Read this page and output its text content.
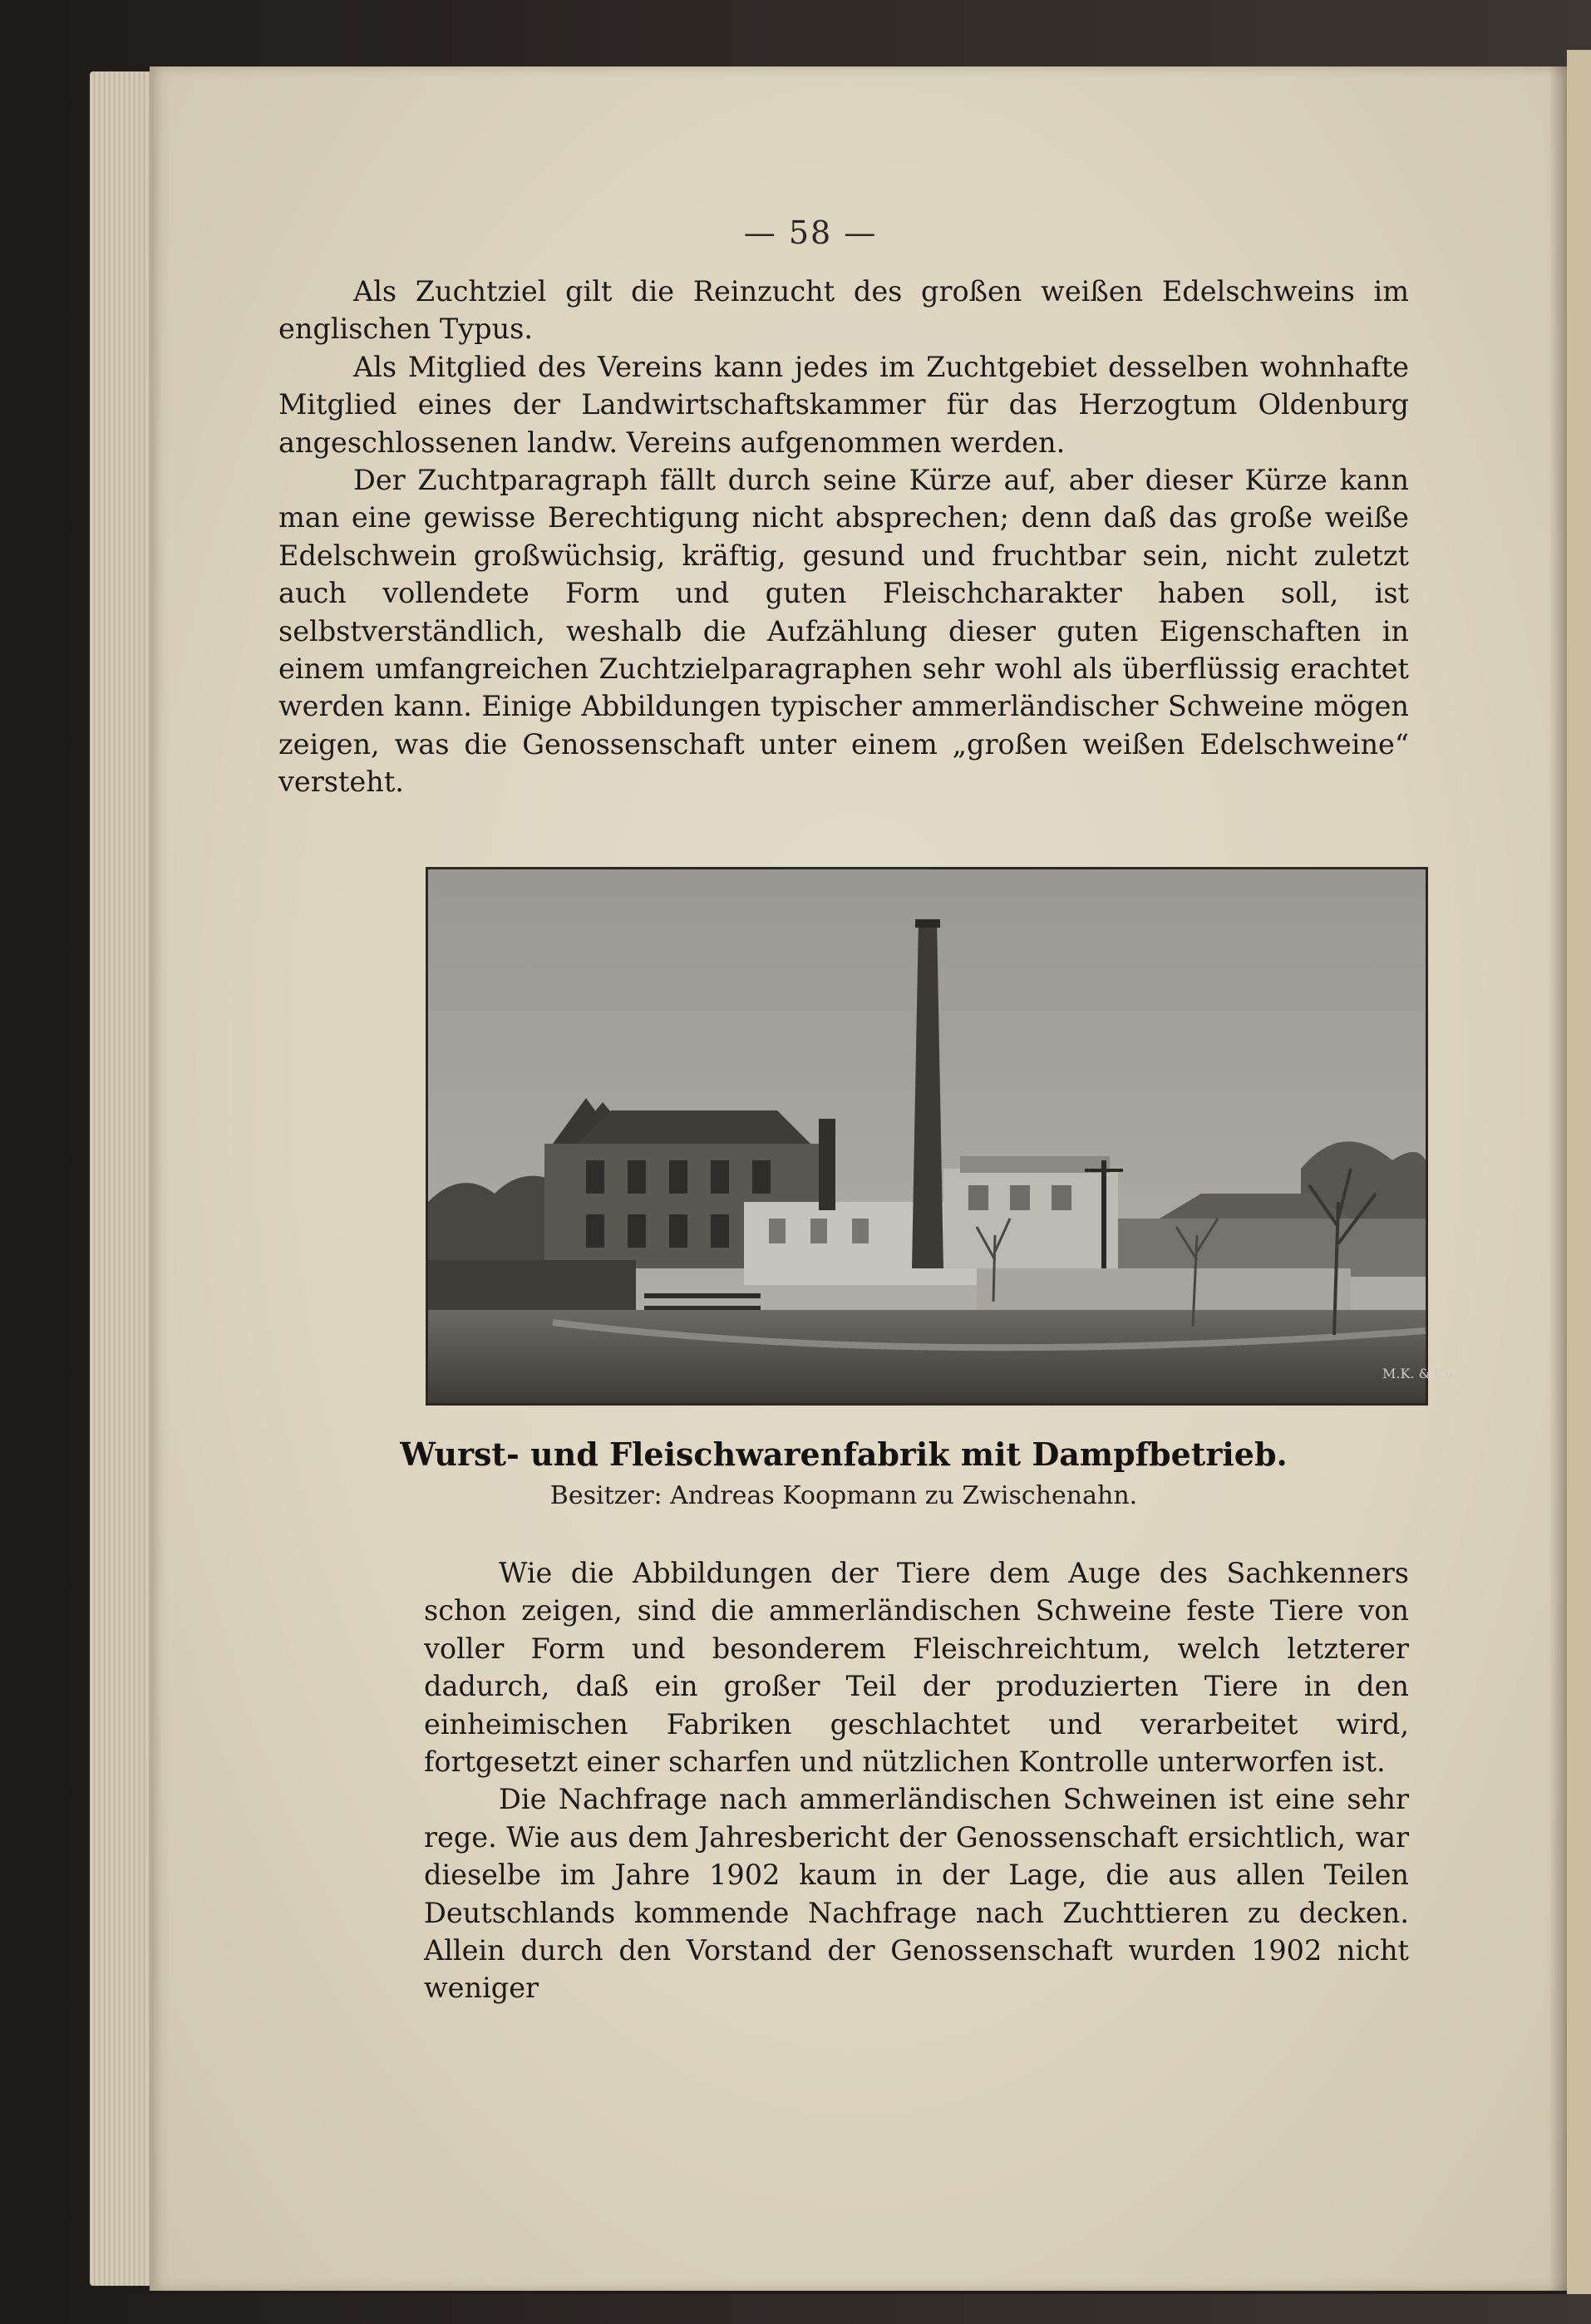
— 58 —

Als Zuchtziel gilt die Reinzucht des großen weißen Edelschweins im englischen Typus.

Als Mitglied des Vereins kann jedes im Zuchtgebiet desselben wohnhafte Mitglied eines der Landwirtschaftskammer für das Herzogtum Oldenburg angeschlossenen landw. Vereins aufgenommen werden.

Der Zuchtparagraph fällt durch seine Kürze auf, aber dieser Kürze kann man eine gewisse Berechtigung nicht absprechen; denn daß das große weiße Edelschwein großwüchsig, kräftig, gesund und fruchtbar sein, nicht zuletzt auch vollendete Form und guten Fleischcharakter haben soll, ist selbstverständlich, weshalb die Aufzählung dieser guten Eigenschaften in einem umfangreichen Zuchtzielparagraphen sehr wohl als überflüssig erachtet werden kann. Einige Abbildungen typischer ammerländischer Schweine mögen zeigen, was die Genossenschaft unter einem „großen weißen Edelschweine“ versteht.

M.K. & Co.
Wurst- und Fleischwarenfabrik mit Dampfbetrieb.
Besitzer: Andreas Koopmann zu Zwischenahn.

Wie die Abbildungen der Tiere dem Auge des Sachkenners schon zeigen, sind die ammerländischen Schweine feste Tiere von voller Form und besonderem Fleischreichtum, welch letzterer dadurch, daß ein großer Teil der produzierten Tiere in den einheimischen Fabriken geschlachtet und verarbeitet wird, fortgesetzt einer scharfen und nützlichen Kontrolle unterworfen ist.

Die Nachfrage nach ammerländischen Schweinen ist eine sehr rege. Wie aus dem Jahresbericht der Genossenschaft ersichtlich, war dieselbe im Jahre 1902 kaum in der Lage, die aus allen Teilen Deutschlands kommende Nachfrage nach Zuchttieren zu decken. Allein durch den Vorstand der Genossenschaft wurden 1902 nicht weniger
